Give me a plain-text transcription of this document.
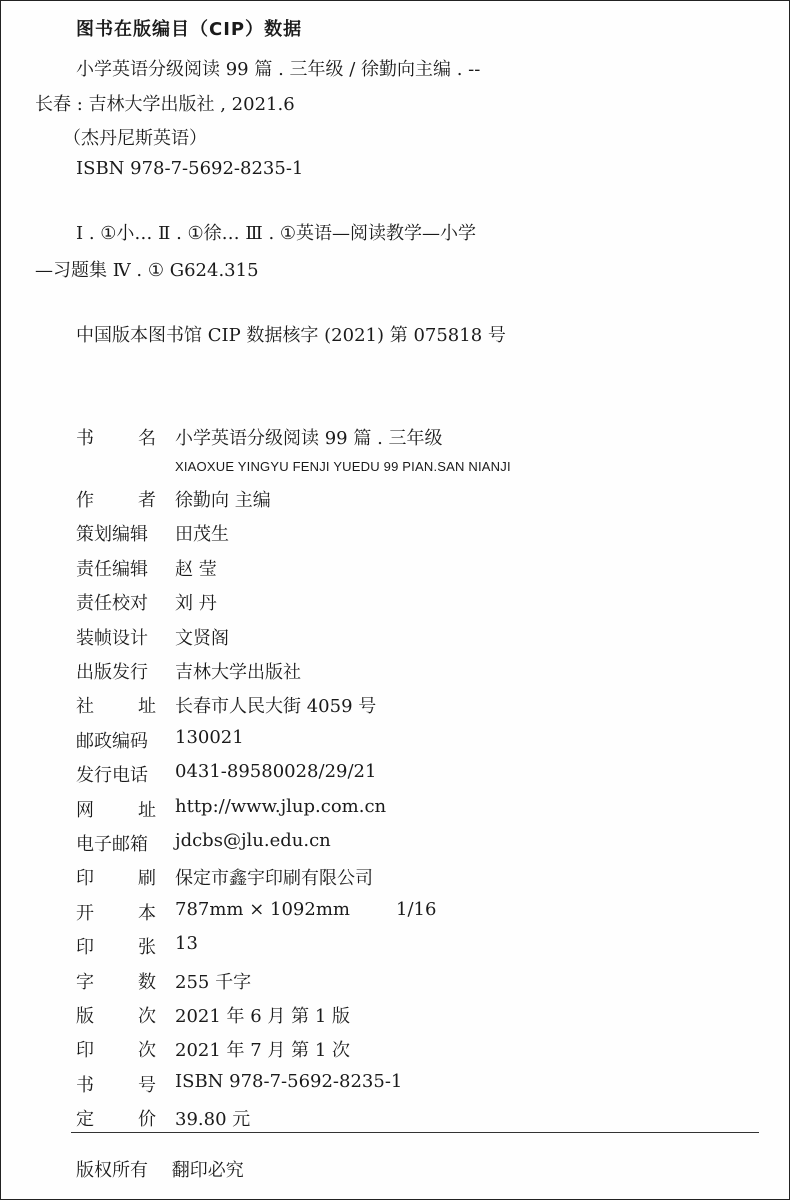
图书在版编目（CIP）数据
小学英语分级阅读 99 篇 . 三年级 / 徐勤向主编 . --
长春 : 吉林大学出版社 , 2021.6
（杰丹尼斯英语）
ISBN 978-7-5692-8235-1
Ⅰ . ①小… Ⅱ . ①徐… Ⅲ . ①英语—阅读教学—小学
—习题集 Ⅳ . ① G624.315
中国版本图书馆 CIP 数据核字 (2021) 第 075818 号
书 名 小学英语分级阅读 99 篇 . 三年级
XIAOXUE YINGYU FENJI YUEDU 99 PIAN.SAN NIANJI
作 者 徐勤向 主编
策划编辑 田茂生
责任编辑 赵 莹
责任校对 刘 丹
装帧设计 文贤阁
出版发行 吉林大学出版社
社 址 长春市人民大街 4059 号
邮政编码 130021
发行电话 0431-89580028/29/21
网 址 http://www.jlup.com.cn
电子邮箱 jdcbs@jlu.edu.cn
印 刷 保定市鑫宇印刷有限公司
开 本 787mm × 1092mm	1/16
印 张 13
字 数 255 千字
版 次 2021 年 6 月 第 1 版
印 次 2021 年 7 月 第 1 次
书 号 ISBN 978-7-5692-8235-1
定 价 39.80 元
版权所有 翻印必究
